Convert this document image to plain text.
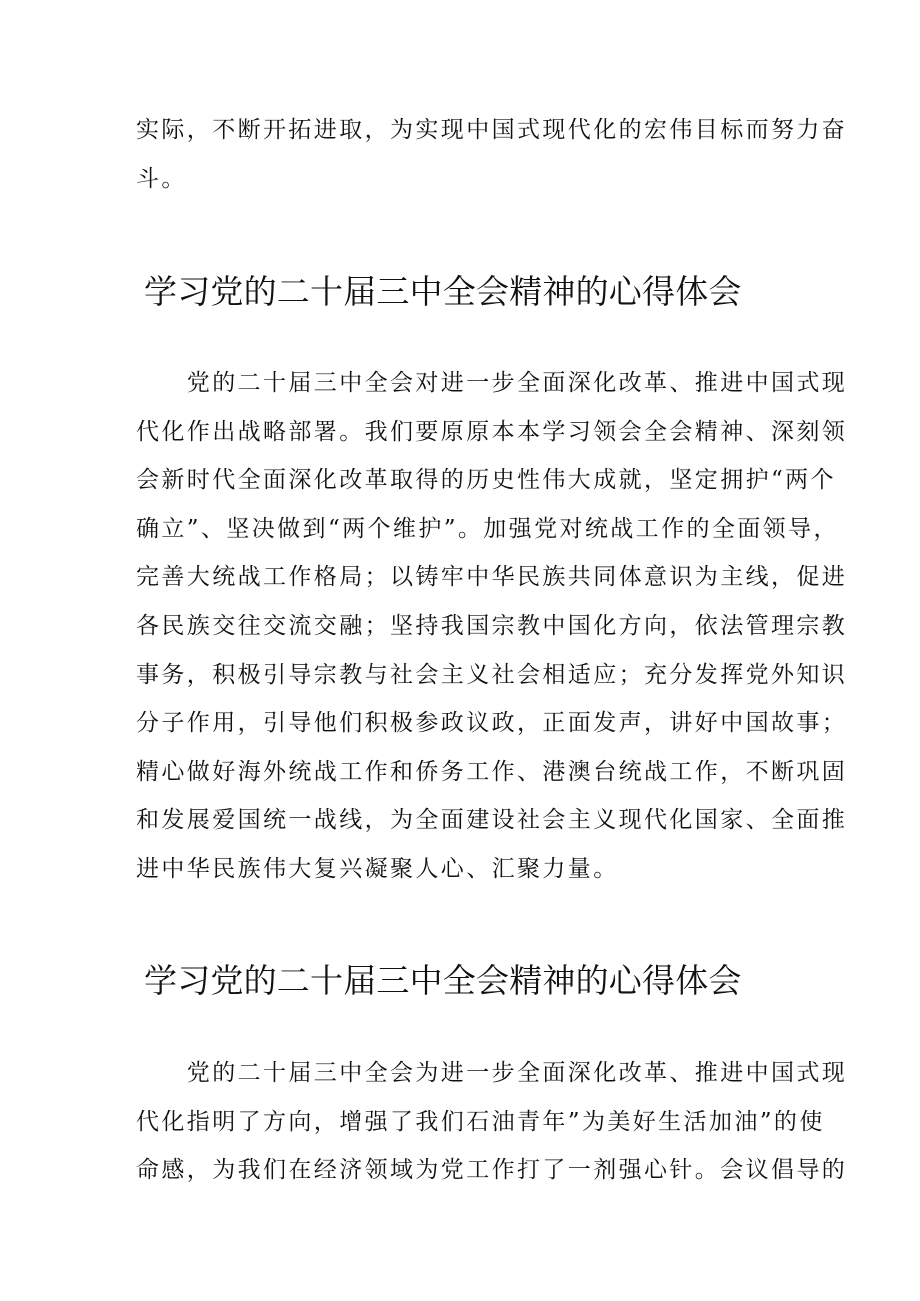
实际，不断开拓进取，为实现中国式现代化的宏伟目标而努力奋
斗。

学习党的二十届三中全会精神的心得体会

　　党的二十届三中全会对进一步全面深化改革、推进中国式现
代化作出战略部署。我们要原原本本学习领会全会精神、深刻领
会新时代全面深化改革取得的历史性伟大成就，坚定拥护“两个
确立”、坚决做到“两个维护”。加强党对统战工作的全面领导，
完善大统战工作格局；以铸牢中华民族共同体意识为主线，促进
各民族交往交流交融；坚持我国宗教中国化方向，依法管理宗教
事务，积极引导宗教与社会主义社会相适应；充分发挥党外知识
分子作用，引导他们积极参政议政，正面发声，讲好中国故事；
精心做好海外统战工作和侨务工作、港澳台统战工作，不断巩固
和发展爱国统一战线，为全面建设社会主义现代化国家、全面推
进中华民族伟大复兴凝聚人心、汇聚力量。

学习党的二十届三中全会精神的心得体会

　　党的二十届三中全会为进一步全面深化改革、推进中国式现
代化指明了方向，增强了我们石油青年”为美好生活加油”的使
命感，为我们在经济领域为党工作打了一剂强心针。会议倡导的
